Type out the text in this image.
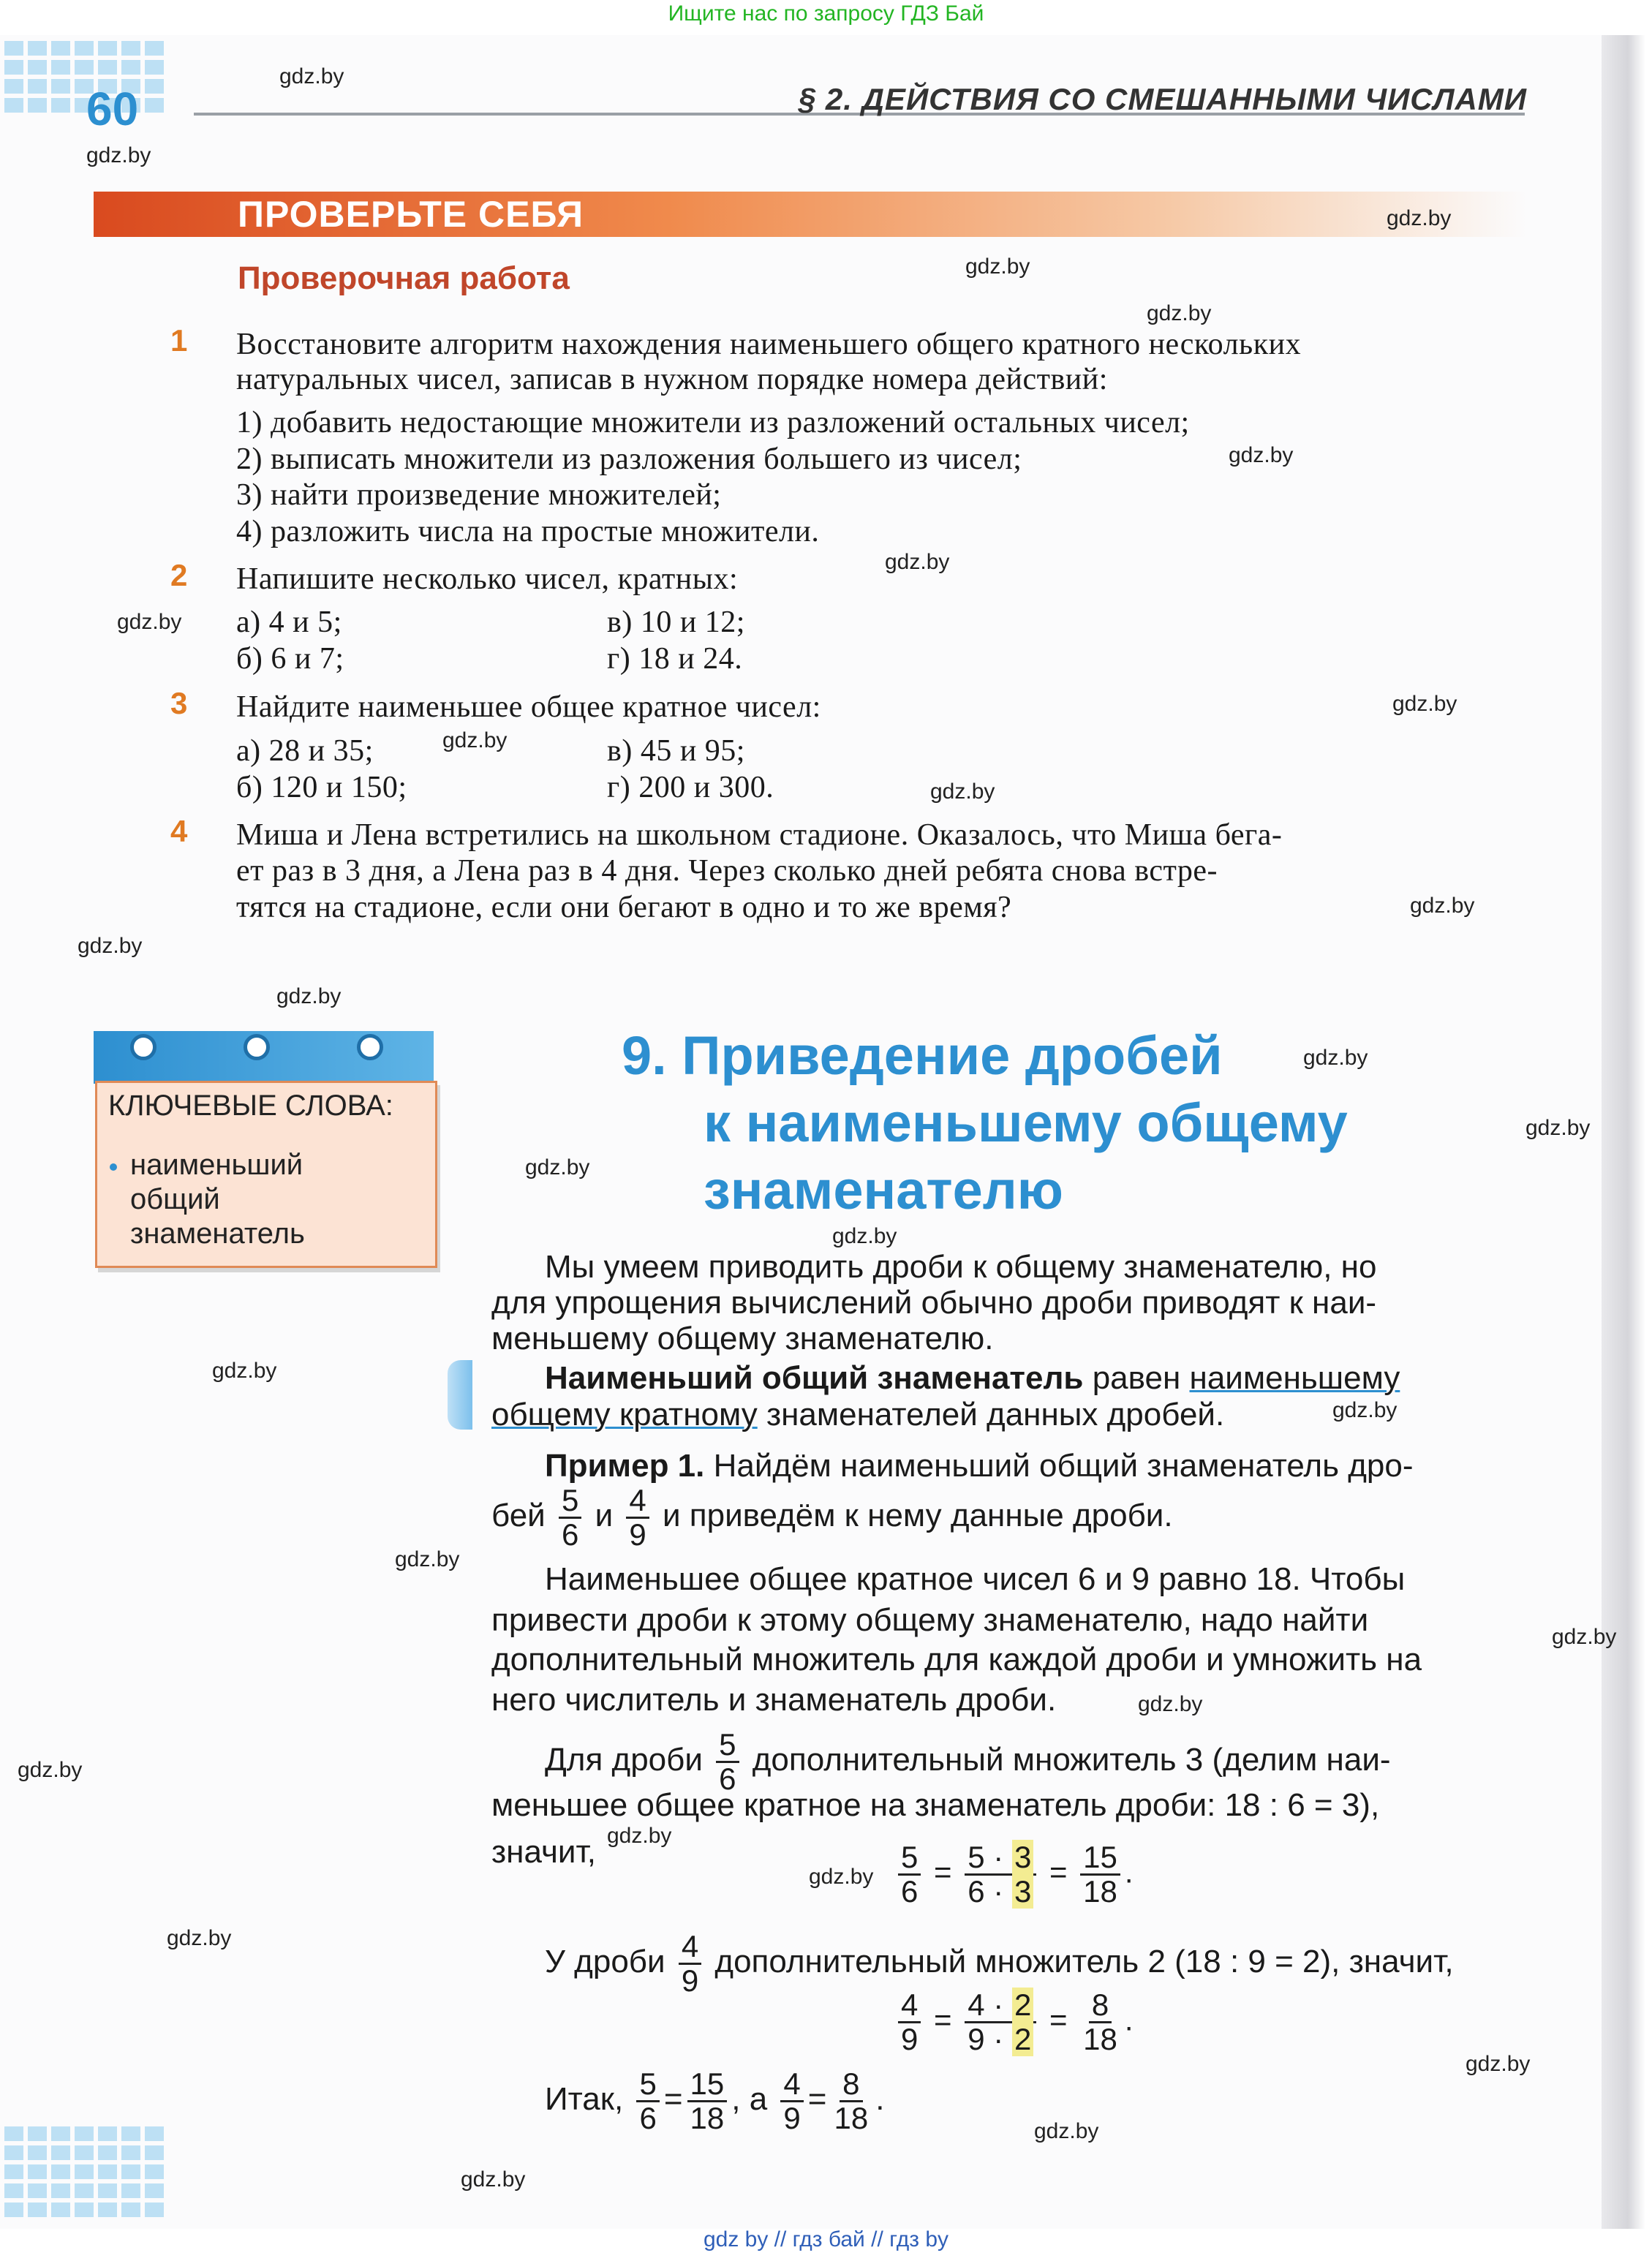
Ищите нас по запросу ГДЗ Бай
60	§ 2. ДЕЙСТВИЯ СО СМЕШАННЫМИ ЧИСЛАМИ
ПРОВЕРЬТЕ СЕБЯ
Проверочная работа
1 Восстановите алгоритм нахождения наименьшего общего кратного нескольких
натуральных чисел, записав в нужном порядке номера действий:
1) добавить недостающие множители из разложений остальных чисел;
2) выписать множители из разложения большего из чисел;
3) найти произведение множителей;
4) разложить числа на простые множители.
2 Напишите несколько чисел, кратных:
а) 4 и 5;
б) 6 и 7;
в) 10 и 12;
г) 18 и 24.
3 Найдите наименьшее общее кратное чисел:
а) 28 и 35;
б) 120 и 150;
в) 45 и 95;
г) 200 и 300.
4 Миша и Лена встретились на школьном стадионе. Оказалось, что Миша бега-
ет раз в 3 дня, а Лена раз в 4 дня. Через сколько дней ребята снова встре-
тятся на стадионе, если они бегают в одно и то же время?
КЛЮЧЕВЫЕ СЛОВА:
наименьший
общий
знаменатель
9. Приведение дробей
к наименьшему общему
знаменателю
Мы умеем приводить дроби к общему знаменателю, но
для упрощения вычислений обычно дроби приводят к наи-
меньшему общему знаменателю.
Наименьший общий знаменатель равен наименьшему
общему кратному знаменателей данных дробей.
Пример 1. Найдём наименьший общий знаменатель дро-
бей $\frac{5}{6}$ и $\frac{4}{9}$ и приведём к нему данные дроби.
Наименьшее общее кратное чисел 6 и 9 равно 18. Чтобы
привести дроби к этому общему знаменателю, надо найти
дополнительный множитель для каждой дроби и умножить на
него числитель и знаменатель дроби.
Для дроби $\frac{5}{6}$ дополнительный множитель 3 (делим наи-
меньшее общее кратное на знаменатель дроби: 18 : 6 = 3),
значит,	$\frac{5}{6} = \frac{5 \cdot 3}{6 \cdot 3} = \frac{15}{18}$ .
У дроби $\frac{4}{9}$ дополнительный множитель 2 (18 : 9 = 2), значит,
$\frac{4}{9} = \frac{4 \cdot 2}{9 \cdot 2} = \frac{8}{18}$ .
Итак, $\frac{5}{6} = \frac{15}{18}$ , а $\frac{4}{9} = \frac{8}{18}$ .
gdz.by
gdz.by
gdz.by
gdz.by
gdz.by
gdz.by
gdz.by
gdz.by
gdz.by
gdz.by
gdz.by
gdz.by
gdz.by
gdz.by
gdz.by
gdz.by
gdz.by
gdz.by
gdz.by
gdz.by
gdz.by
gdz.by
gdz.by
gdz.by
gdz.by
gdz.by
gdz.by
gdz.by
gdz.by
gdz.by
gdz by // гдз бай // гдз by
